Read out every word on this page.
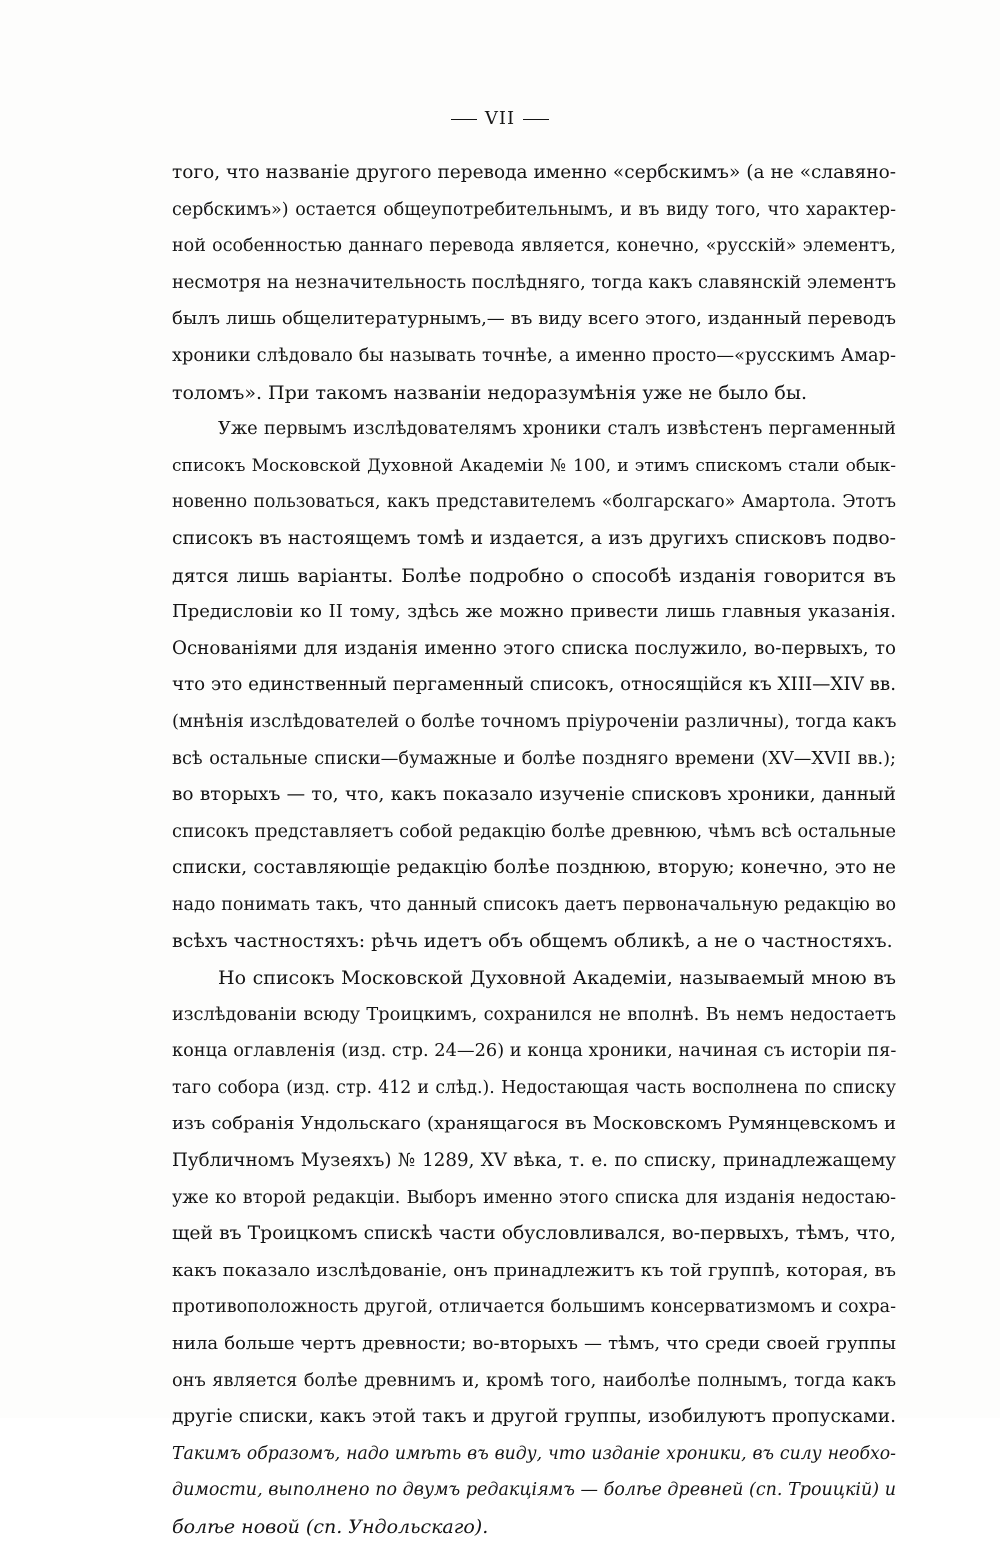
VII
того, что названіе другого перевода именно «сербскимъ» (а не «славяно-
сербскимъ») остается общеупотребительнымъ, и въ виду того, что характер-
ной особенностью даннаго перевода является, конечно, «русскій» элементъ,
несмотря на незначительность послѣдняго, тогда какъ славянскій элементъ
былъ лишь общелитературнымъ,— въ виду всего этого, изданный переводъ
хроники слѣдовало бы называть точнѣе, а именно просто—«русскимъ Амар-
толомъ». При такомъ названіи недоразумѣнія уже не было бы.
Уже первымъ изслѣдователямъ хроники сталъ извѣстенъ пергаменный
списокъ Московской Духовной Академіи № 100, и этимъ спискомъ стали обык-
новенно пользоваться, какъ представителемъ «болгарскаго» Амартола. Этотъ
списокъ въ настоящемъ томѣ и издается, а изъ другихъ списковъ подво-
дятся лишь варіанты. Болѣе подробно о способѣ изданія говорится въ
Предисловіи ко II тому, здѣсь же можно привести лишь главныя указанія.
Основаніями для изданія именно этого списка послужило, во-первыхъ, то
что это единственный пергаменный списокъ, относящійся къ XIII—XIV вв.
(мнѣнія изслѣдователей о болѣе точномъ пріуроченіи различны), тогда какъ
всѣ остальные списки—бумажные и болѣе поздняго времени (XV—XVII вв.);
во вторыхъ — то, что, какъ показало изученіе списковъ хроники, данный
списокъ представляетъ собой редакцію болѣе древнюю, чѣмъ всѣ остальные
списки, составляющіе редакцію болѣе позднюю, вторую; конечно, это не
надо понимать такъ, что данный списокъ даетъ первоначальную редакцію во
всѣхъ частностяхъ: рѣчь идетъ объ общемъ обликѣ, а не о частностяхъ.
Но списокъ Московской Духовной Академіи, называемый мною въ
изслѣдованіи всюду Троицкимъ, сохранился не вполнѣ. Въ немъ недостаетъ
конца оглавленія (изд. стр. 24—26) и конца хроники, начиная съ исторіи пя-
таго собора (изд. стр. 412 и слѣд.). Недостающая часть восполнена по списку
изъ собранія Ундольскаго (хранящагося въ Московскомъ Румянцевскомъ и
Публичномъ Музеяхъ) № 1289, XV вѣка, т. е. по списку, принадлежащему
уже ко второй редакціи. Выборъ именно этого списка для изданія недостаю-
щей въ Троицкомъ спискѣ части обусловливался, во-первыхъ, тѣмъ, что,
какъ показало изслѣдованіе, онъ принадлежитъ къ той группѣ, которая, въ
противоположность другой, отличается большимъ консерватизмомъ и сохра-
нила больше чертъ древности; во-вторыхъ — тѣмъ, что среди своей группы
онъ является болѣе древнимъ и, кромѣ того, наиболѣе полнымъ, тогда какъ
другіе списки, какъ этой такъ и другой группы, изобилуютъ пропусками.
Такимъ образомъ, надо имѣть въ виду, что изданіе хроники, въ силу необхо-
димости, выполнено по двумъ редакціямъ — болѣе древней (сп. Троицкій) и
болѣе новой (сп. Ундольскаго).
